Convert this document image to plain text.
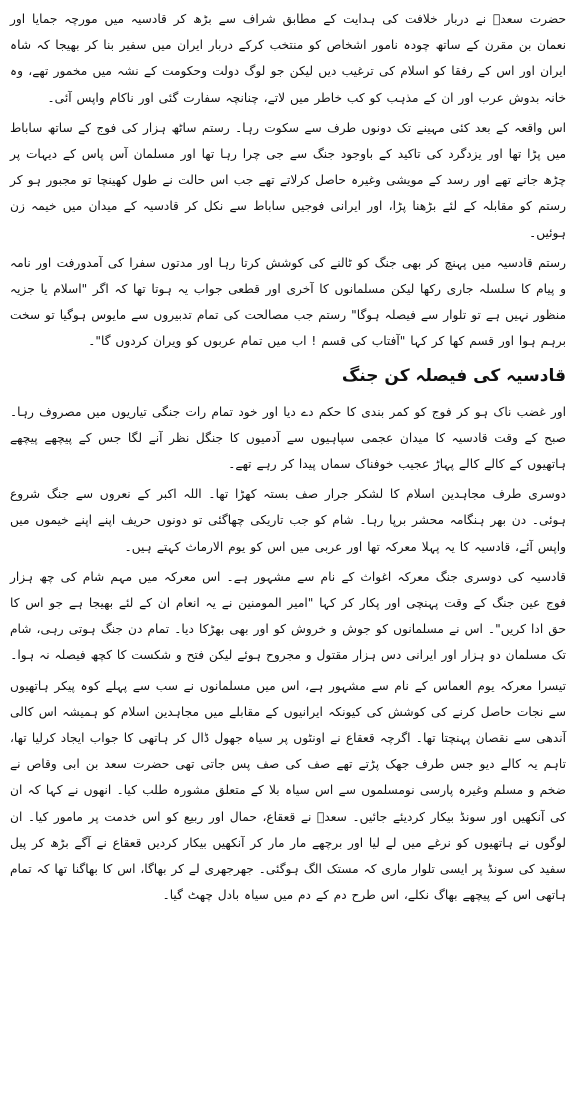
حضرت سعدؓ نے دربار خلافت کی ہدایت کے مطابق شراف سے بڑھ کر قادسیہ میں مورچہ جمایا اور نعمان بن مقرن کے ساتھ چودہ نامور اشخاص کو منتخب کرکے دربار ایران میں سفیر بنا کر بھیجا کہ شاہ ایران اور اس کے رفقا کو اسلام کی ترغیب دیں لیکن جو لوگ دولت وحکومت کے نشہ میں مخمور تھے، وہ خانہ بدوش عرب اور ان کے مذہب کو کب خاطر میں لاتے، چنانچہ سفارت گئی اور ناکام واپس آئی۔

اس واقعہ کے بعد کئی مہینے تک دونوں طرف سے سکوت رہا۔ رستم ساٹھ ہزار کی فوج کے ساتھ ساباط میں پڑا تھا اور یزدگرد کی تاکید کے باوجود جنگ سے جی چرا رہا تھا اور مسلمان آس پاس کے دیہات پر چڑھ جاتے تھے اور رسد کے مویشی وغیرہ حاصل کرلاتے تھے جب اس حالت نے طول کھینچا تو مجبور ہو کر رستم کو مقابلہ کے لئے بڑھنا پڑا، اور ایرانی فوجیں ساباط سے نکل کر قادسیہ کے میدان میں خیمہ زن ہوئیں۔

رستم قادسیہ میں پہنچ کر بھی جنگ کو ٹالنے کی کوشش کرتا رہا اور مدتوں سفرا کی آمدورفت اور نامہ و پیام کا سلسلہ جاری رکھا لیکن مسلمانوں کا آخری اور قطعی جواب یہ ہوتا تھا کہ اگر "اسلام یا جزیہ منظور نہیں ہے تو تلوار سے فیصلہ ہوگا" رستم جب مصالحت کی تمام تدبیروں سے مایوس ہوگیا تو سخت برہم ہوا اور قسم کھا کر کہا "آفتاب کی قسم ! اب میں تمام عربوں کو ویران کردوں گا"۔

قادسیہ کی فیصلہ کن جنگ

اور غضب ناک ہو کر فوج کو کمر بندی کا حکم دے دیا اور خود تمام رات جنگی تیاریوں میں مصروف رہا۔ صبح کے وقت قادسیہ کا میدان عجمی سپاہیوں سے آدمیوں کا جنگل نظر آنے لگا جس کے پیچھے پیچھے ہاتھیوں کے کالے کالے پہاڑ عجیب خوفناک سماں پیدا کر رہے تھے۔

دوسری طرف مجاہدین اسلام کا لشکر جرار صف بستہ کھڑا تھا۔ اللہ اکبر کے نعروں سے جنگ شروع ہوئی۔ دن بھر ہنگامہ محشر برپا رہا۔ شام کو جب تاریکی چھاگئی تو دونوں حریف اپنے اپنے خیموں میں واپس آئے، قادسیہ کا یہ پہلا معرکہ تھا اور عربی میں اس کو یوم الارماث کہتے ہیں۔

قادسیہ کی دوسری جنگ معرکہ اغواث کے نام سے مشہور ہے۔ اس معرکہ میں مہم شام کی چھ ہزار فوج عین جنگ کے وقت پہنچی اور پکار کر کہا "امیر المومنین نے یہ انعام ان کے لئے بھیجا ہے جو اس کا حق ادا کریں"۔ اس نے مسلمانوں کو جوش و خروش کو اور بھی بھڑکا دیا۔ تمام دن جنگ ہوتی رہی، شام تک مسلمان دو ہزار اور ایرانی دس ہزار مقتول و مجروح ہوئے لیکن فتح و شکست کا کچھ فیصلہ نہ ہوا۔

تیسرا معرکہ یوم العماس کے نام سے مشہور ہے، اس میں مسلمانوں نے سب سے پہلے کوہ پیکر ہاتھیوں سے نجات حاصل کرنے کی کوشش کی کیونکہ ایرانیوں کے مقابلے میں مجاہدین اسلام کو ہمیشہ اس کالی آندھی سے نقصان پہنچتا تھا۔ اگرچہ قعقاع نے اونٹوں پر سیاہ جھول ڈال کر ہاتھی کا جواب ایجاد کرلیا تھا، تاہم یہ کالے دیو جس طرف جھک پڑتے تھے صف کی صف پس جاتی تھی حضرت سعد بن ابی وقاص نے ضخم و مسلم وغیرہ پارسی نومسلموں سے اس سیاہ بلا کے متعلق مشورہ طلب کیا۔ انھوں نے کہا کہ ان کی آنکھیں اور سونڈ بیکار کردیئے جائیں۔ سعدؓ نے قعقاع، حمال اور ربیع کو اس خدمت پر مامور کیا۔ ان لوگوں نے ہاتھیوں کو نرغے میں لے لیا اور برچھے مار مار کر آنکھیں بیکار کردیں قعقاع نے آگے بڑھ کر پیل سفید کی سونڈ پر ایسی تلوار ماری کہ مستک الگ ہوگئی۔ جھرجھری لے کر بھاگا، اس کا بھاگنا تھا کہ تمام ہاتھی اس کے پیچھے بھاگ نکلے، اس طرح دم کے دم میں سیاہ بادل چھٹ گیا۔
